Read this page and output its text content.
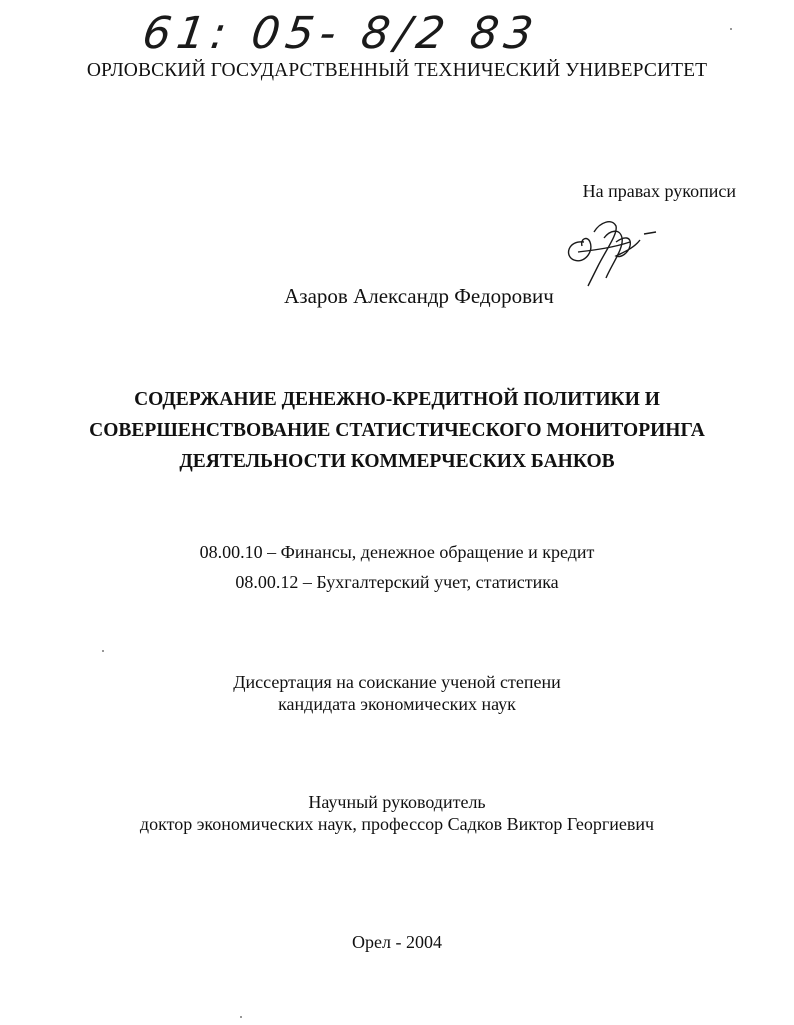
61: 05- 8/2 83
ОРЛОВСКИЙ ГОСУДАРСТВЕННЫЙ ТЕХНИЧЕСКИЙ УНИВЕРСИТЕТ
На правах рукописи
Азаров Александр Федорович
СОДЕРЖАНИЕ ДЕНЕЖНО-КРЕДИТНОЙ ПОЛИТИКИ И
СОВЕРШЕНСТВОВАНИЕ СТАТИСТИЧЕСКОГО МОНИТОРИНГА
ДЕЯТЕЛЬНОСТИ КОММЕРЧЕСКИХ БАНКОВ
08.00.10 – Финансы, денежное обращение и кредит
08.00.12 – Бухгалтерский учет, статистика
Диссертация на соискание ученой степени
кандидата экономических наук
Научный руководитель
доктор экономических наук, профессор Садков Виктор Георгиевич
Орел - 2004
